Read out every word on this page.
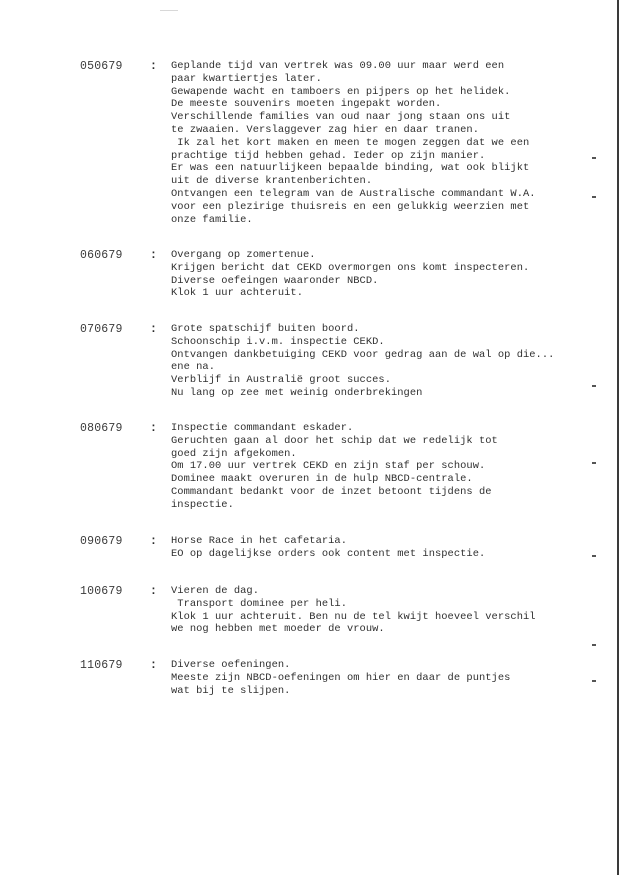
050679 : Geplande tijd van vertrek was 09.00 uur maar werd een
paar kwartiertjes later.
Gewapende wacht en tamboers en pijpers op het helidek.
De meeste souvenirs moeten ingepakt worden.
Verschillende families van oud naar jong staan ons uit
te zwaaien. Verslaggever zag hier en daar tranen.
Ik zal het kort maken en meen te mogen zeggen dat we een
prachtige tijd hebben gehad. Ieder op zijn manier.
Er was een natuurlijkeen bepaalde binding, wat ook blijkt
uit de diverse krantenberichten.
Ontvangen een telegram van de Australische commandant W.A.
voor een plezirige thuisreis en een gelukkig weerzien met
onze familie.
060679 : Overgang op zomertenue.
Krijgen bericht dat CEKD overmorgen ons komt inspecteren.
Diverse oefeingen waaronder NBCD.
Klok 1 uur achteruit.
070679 : Grote spatschijf buiten boord.
Schoonschip i.v.m. inspectie CEKD.
Ontvangen dankbetuiging CEKD voor gedrag aan de wal op die...
ene na.
Verblijf in Australië groot succes.
Nu lang op zee met weinig onderbrekingen
080679 : Inspectie commandant eskader.
Geruchten gaan al door het schip dat we redelijk tot
goed zijn afgekomen.
Om 17.00 uur vertrek CEKD en zijn staf per schouw.
Dominee maakt overuren in de hulp NBCD-centrale.
Commandant bedankt voor de inzet betoont tijdens de
inspectie.
090679 : Horse Race in het cafetaria.
EO op dagelijkse orders ook content met inspectie.
100679 : Vieren de dag.
Transport dominee per heli.
Klok 1 uur achteruit. Ben nu de tel kwijt hoeveel verschil
we nog hebben met moeder de vrouw.
110679 : Diverse oefeningen.
Meeste zijn NBCD-oefeningen om hier en daar de puntjes
wat bij te slijpen.
